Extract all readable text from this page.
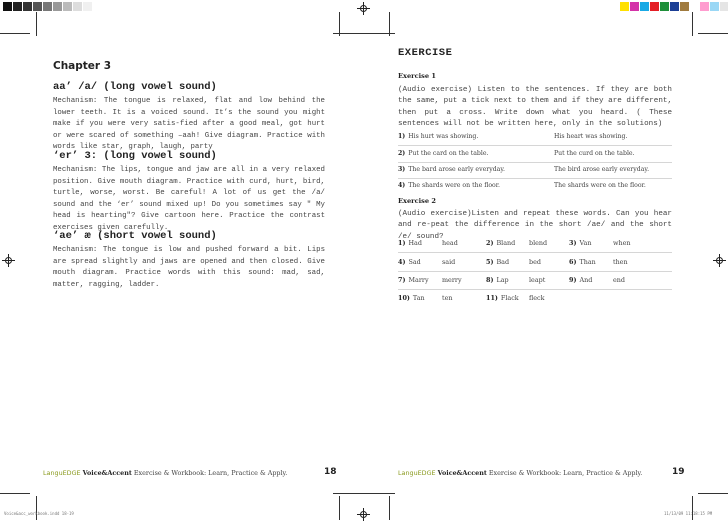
Chapter 3
aa’ /a/ (long vowel sound)
Mechanism: The tongue is relaxed, flat and low behind the lower teeth. It is a voiced sound. It’s the sound you might make if you were very satis-fied after a good meal, got hurt or were scared of something –aah! Give diagram. Practice with words like star, graph, laugh, party
‘er’ 3: (long vowel sound)
Mechanism: The lips, tongue and jaw are all in a very relaxed position. Give mouth diagram. Practice with curd, hurt, bird, turtle, worse, worst. Be careful! A lot of us get the /a/ sound and the ‘er’ sound mixed up! Do you sometimes say " My head is hearting"? Give cartoon here. Practice the contrast exercises given carefully.
‘ae’ æ (short vowel sound)
Mechanism: The tongue is low and pushed forward a bit. Lips are spread slightly and jaws are opened and then closed. Give mouth diagram. Practice words with this sound: mad, sad, matter, ragging, ladder.
LanguEDGE Voice&Accent Exercise & Workbook: Learn, Practice & Apply.	18
Voice&acc_workbook.indd 18-19
EXERCISE
Exercise 1
(Audio exercise) Listen to the sentences. If they are both the same, put a tick next to them and if they are different, then put a cross. Write down what you heard. ( These sentences will not be written here, only in the solutions)
1) His hurt was showing.	His heart was showing.
2) Put the card on the table.	Put the curd on the table.
3) The bard arose early everyday.	The bird arose early everyday.
4) The shards were on the floor.	The shards were on the floor.
Exercise 2
(Audio exercise)Listen and repeat these words. Can you hear and re-peat the difference in the short /ae/ and the short /e/ sound?
1) Had	head	2) Bland blend	3) Van	when
4) Sad	said	5) Bad	bed	6) Than	then
7) Marry merry	8) Lap	leapt	9) And	end
10) Tan	ten	11) Flack fleck
LanguEDGE Voice&Accent Exercise & Workbook: Learn, Practice & Apply.	19
11/13/09 11:18:15 PM
